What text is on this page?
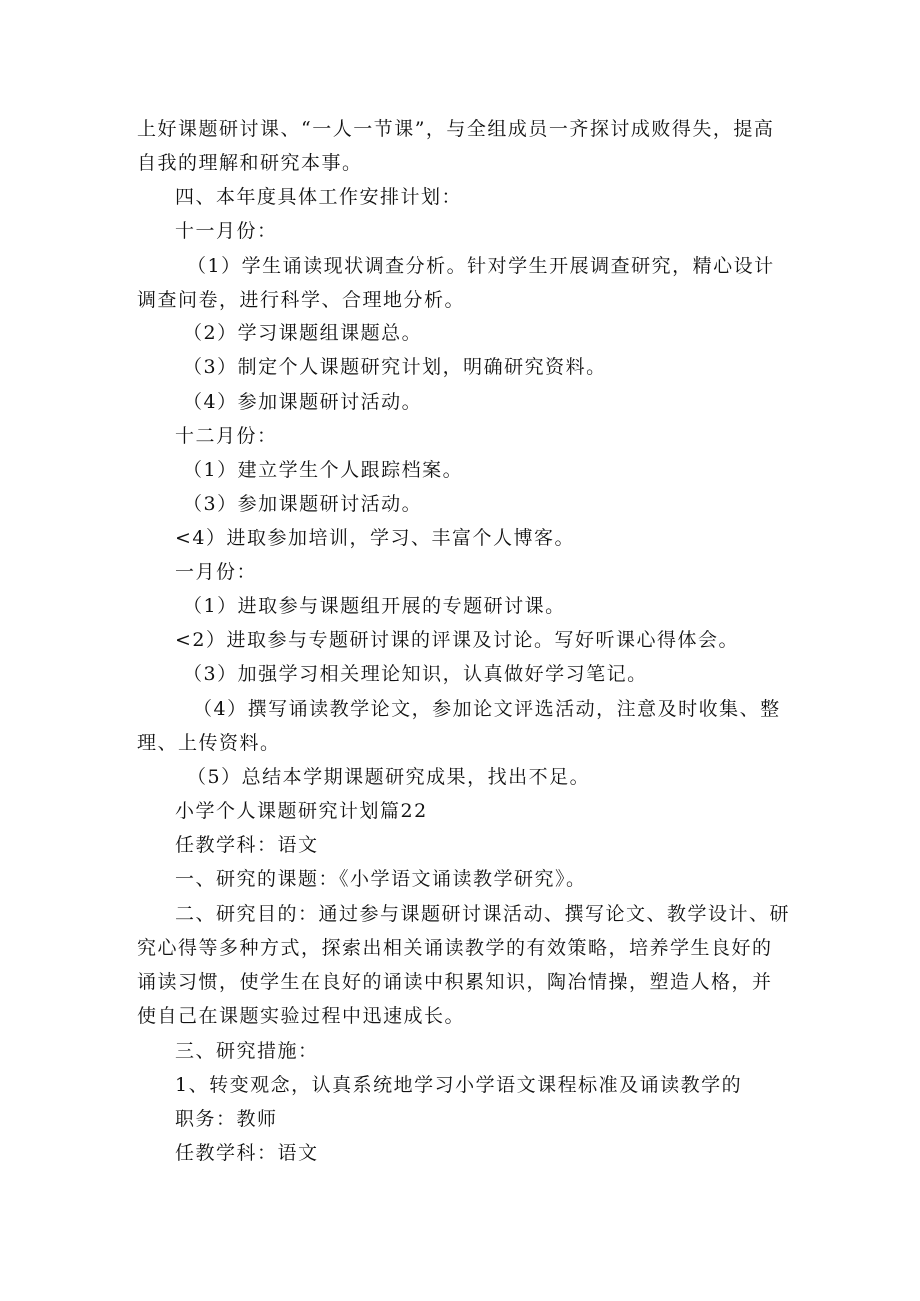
上好课题研讨课、“一人一节课”，与全组成员一齐探讨成败得失，提高自我的理解和研究本事。
四、本年度具体工作安排计划：
十一月份：
（1）学生诵读现状调查分析。针对学生开展调查研究，精心设计调查问卷，进行科学、合理地分析。
（2）学习课题组课题总。
（3）制定个人课题研究计划，明确研究资料。
（4）参加课题研讨活动。
十二月份：
（1）建立学生个人跟踪档案。
（3）参加课题研讨活动。
<4）进取参加培训，学习、丰富个人博客。
一月份：
（1）进取参与课题组开展的专题研讨课。
<2）进取参与专题研讨课的评课及讨论。写好听课心得体会。
（3）加强学习相关理论知识，认真做好学习笔记。
（4）撰写诵读教学论文，参加论文评选活动，注意及时收集、整理、上传资料。
（5）总结本学期课题研究成果，找出不足。
小学个人课题研究计划篇22
任教学科：语文
一、研究的课题：《小学语文诵读教学研究》。
二、研究目的：通过参与课题研讨课活动、撰写论文、教学设计、研究心得等多种方式，探索出相关诵读教学的有效策略，培养学生良好的诵读习惯，使学生在良好的诵读中积累知识，陶冶情操，塑造人格，并使自己在课题实验过程中迅速成长。
三、研究措施：
1、转变观念，认真系统地学习小学语文课程标准及诵读教学的
职务：教师
任教学科：语文
